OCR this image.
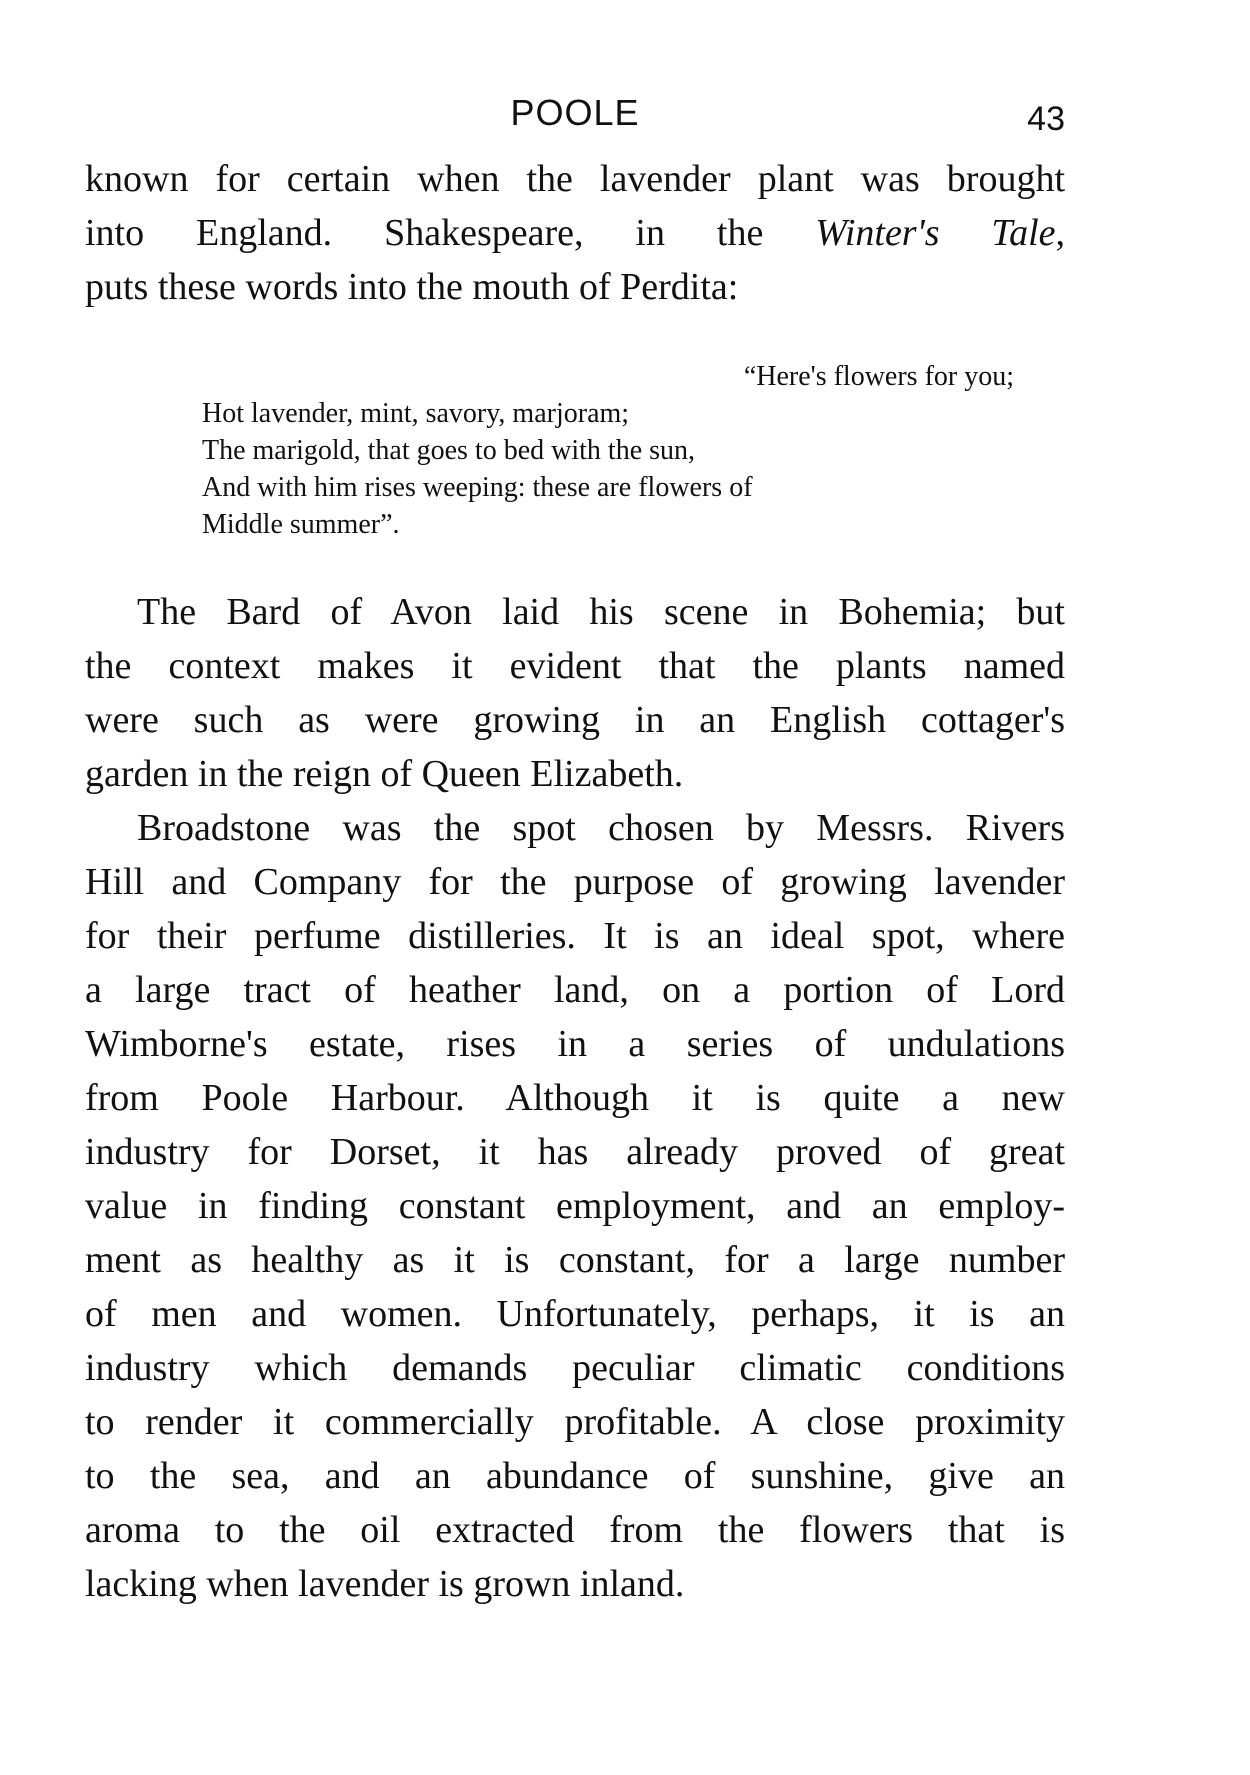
POOLE	43
known for certain when the lavender plant was brought
into England. Shakespeare, in the Winter's Tale,
puts these words into the mouth of Perdita:
“Here's flowers for you;
Hot lavender, mint, savory, marjoram;
The marigold, that goes to bed with the sun,
And with him rises weeping: these are flowers of
Middle summer”.
The Bard of Avon laid his scene in Bohemia; but
the context makes it evident that the plants named
were such as were growing in an English cottager's
garden in the reign of Queen Elizabeth.
Broadstone was the spot chosen by Messrs. Rivers
Hill and Company for the purpose of growing lavender
for their perfume distilleries. It is an ideal spot, where
a large tract of heather land, on a portion of Lord
Wimborne's estate, rises in a series of undulations
from Poole Harbour. Although it is quite a new
industry for Dorset, it has already proved of great
value in finding constant employment, and an employ-
ment as healthy as it is constant, for a large number
of men and women. Unfortunately, perhaps, it is an
industry which demands peculiar climatic conditions
to render it commercially profitable. A close proximity
to the sea, and an abundance of sunshine, give an
aroma to the oil extracted from the flowers that is
lacking when lavender is grown inland.
